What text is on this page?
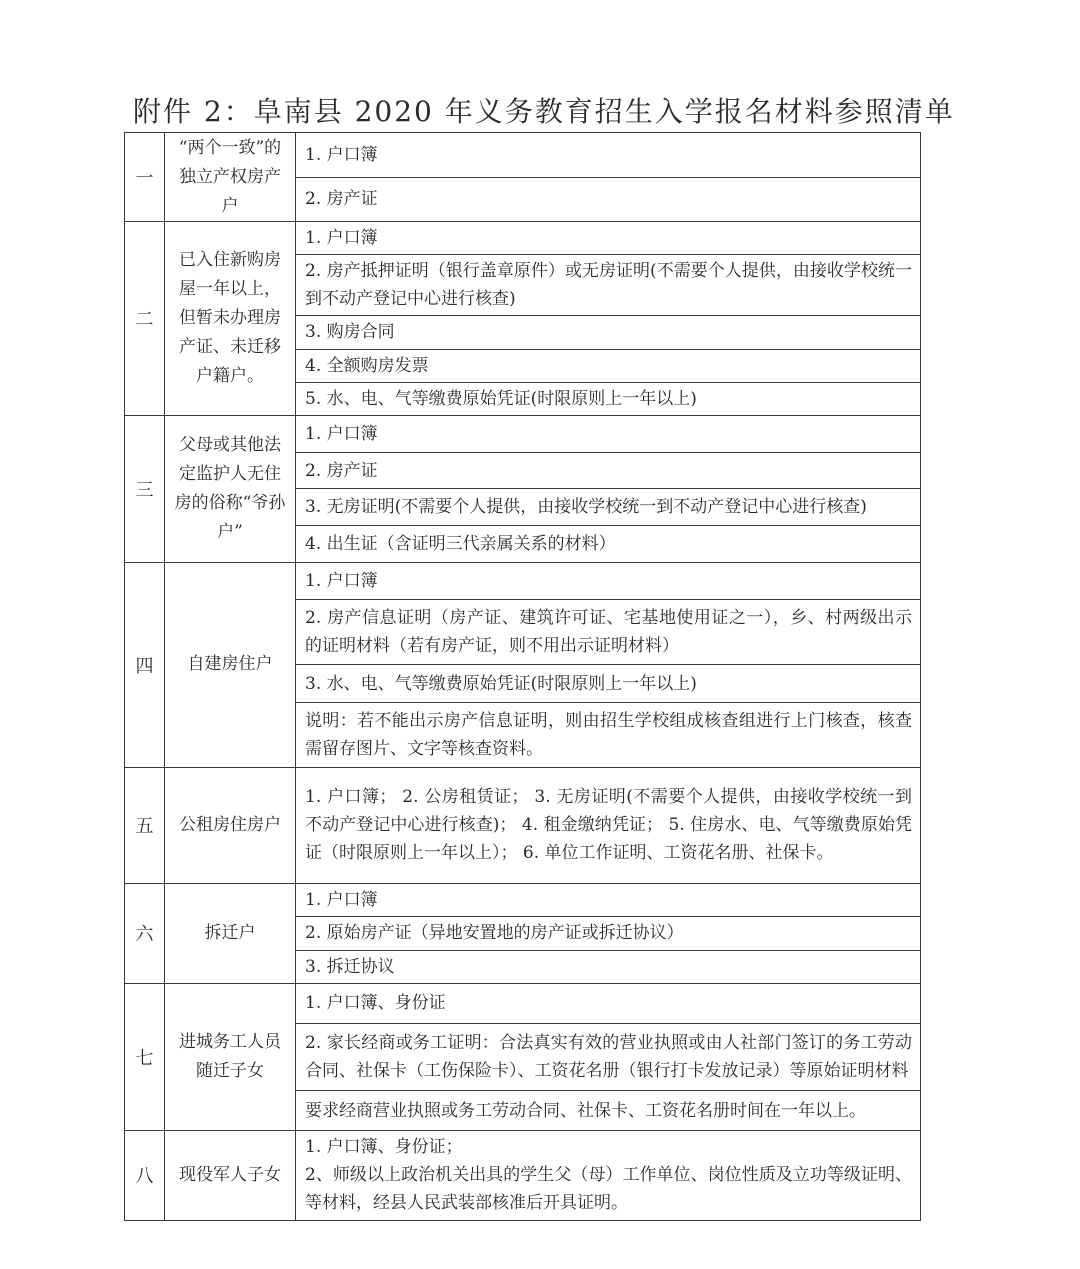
附件 2：阜南县 2020 年义务教育招生入学报名材料参照清单
一	“两个一致”的独立产权房产户	1. 户口簿
2. 房产证

二	已入住新购房屋一年以上，但暂未办理房产证、未迁移户籍户。	1. 户口簿
2. 房产抵押证明（银行盖章原件）或无房证明(不需要个人提供，由接收学校统一到不动产登记中心进行核查)
3. 购房合同
4. 全额购房发票
5. 水、电、气等缴费原始凭证(时限原则上一年以上)

三	父母或其他法定监护人无住房的俗称“爷孙户”	1. 户口簿
2. 房产证
3. 无房证明(不需要个人提供，由接收学校统一到不动产登记中心进行核查)
4. 出生证（含证明三代亲属关系的材料）

四	自建房住户	1. 户口簿
2. 房产信息证明（房产证、建筑许可证、宅基地使用证之一），乡、村两级出示的证明材料（若有房产证，则不用出示证明材料）
3. 水、电、气等缴费原始凭证(时限原则上一年以上)
说明：若不能出示房产信息证明，则由招生学校组成核查组进行上门核查，核查需留存图片、文字等核查资料。

五	公租房住房户	1. 户口簿； 2. 公房租赁证； 3. 无房证明(不需要个人提供，由接收学校统一到不动产登记中心进行核查)； 4. 租金缴纳凭证； 5. 住房水、电、气等缴费原始凭证（时限原则上一年以上）； 6. 单位工作证明、工资花名册、社保卡。

六	拆迁户	1. 户口簿
2. 原始房产证（异地安置地的房产证或拆迁协议）
3. 拆迁协议

七	进城务工人员随迁子女	1. 户口簿、身份证
2. 家长经商或务工证明：合法真实有效的营业执照或由人社部门签订的务工劳动合同、社保卡（工伤保险卡）、工资花名册（银行打卡发放记录）等原始证明材料
要求经商营业执照或务工劳动合同、社保卡、工资花名册时间在一年以上。

八	现役军人子女	1. 户口簿、身份证；
2、师级以上政治机关出具的学生父（母）工作单位、岗位性质及立功等级证明、等材料，经县人民武装部核准后开具证明。
